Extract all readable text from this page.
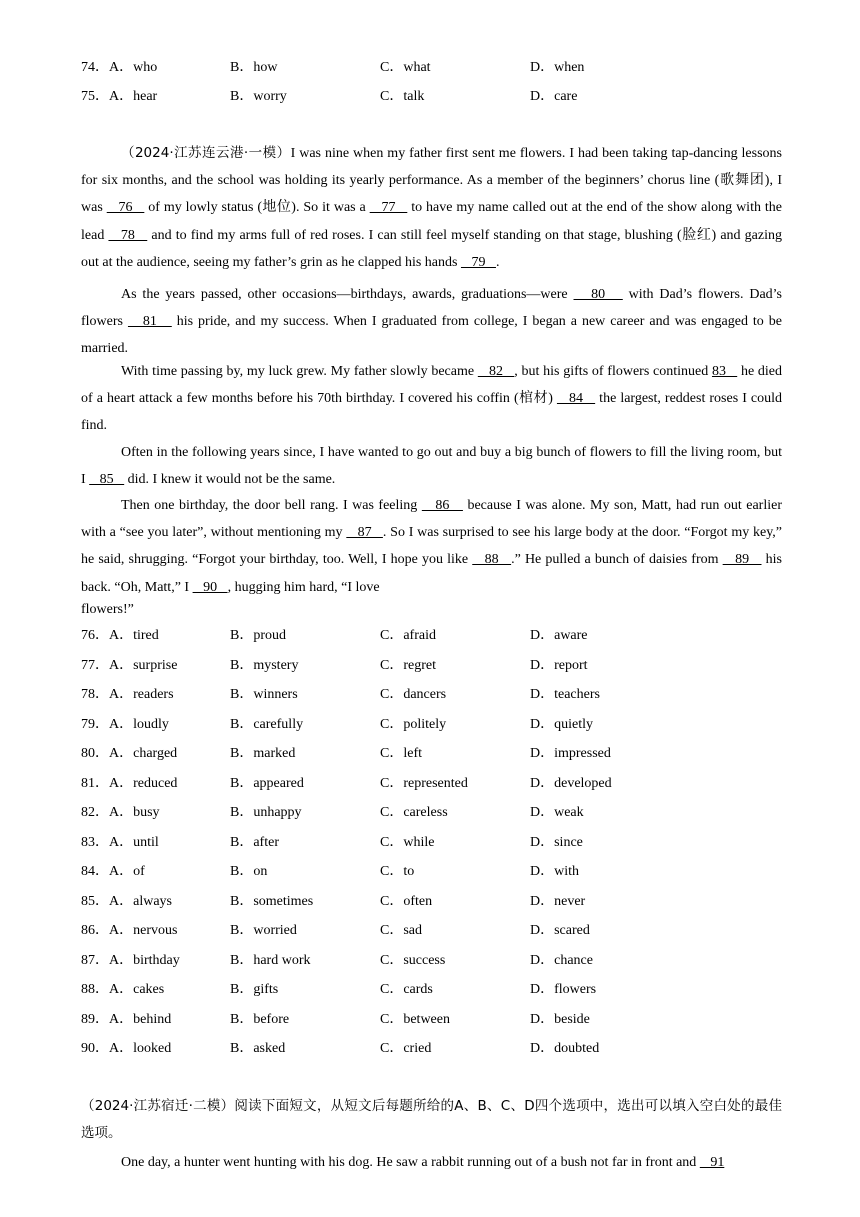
74．A．who	B．how	C．what	D．when
75．A．hear	B．worry	C．talk	D．care

（2024·江苏连云港·一模）I was nine when my father first sent me flowers. I had been taking tap-dancing lessons for six months, and the school was holding its yearly performance. As a member of the beginners’ chorus line (歌舞团), I was    76    of my lowly status (地位). So it was a    77    to have my name called out at the end of the show along with the lead    78    and to find my arms full of red roses. I can still feel myself standing on that stage, blushing (脸红) and gazing out at the audience, seeing my father’s grin as he clapped his hands    79   .

As the years passed, other occasions—birthdays, awards, graduations—were    80    with Dad’s flowers. Dad’s flowers    81    his pride, and my success. When I graduated from college, I began a new career and was engaged to be married.

With time passing by, my luck grew. My father slowly became    82   , but his gifts of flowers continued 83    he died of a heart attack a few months before his 70th birthday. I covered his coffin (棺材)    84    the largest, reddest roses I could find.

Often in the following years since, I have wanted to go out and buy a big bunch of flowers to fill the living room, but I    85    did. I knew it would not be the same.

Then one birthday, the door bell rang. I was feeling    86    because I was alone. My son, Matt, had run out earlier with a “see you later”, without mentioning my    87   . So I was surprised to see his large body at the door. “Forgot my key,” he said, shrugging. “Forgot your birthday, too. Well, I hope you like    88   .” He pulled a bunch of daisies from    89    his back. “Oh, Matt,” I    90   , hugging him hard, “I love

flowers!”

76．A．tired	B．proud	C．afraid	D．aware
77．A．surprise	B．mystery	C．regret	D．report
78．A．readers	B．winners	C．dancers	D．teachers
79．A．loudly	B．carefully	C．politely	D．quietly
80．A．charged	B．marked	C．left	D．impressed
81．A．reduced	B．appeared	C．represented	D．developed
82．A．busy	B．unhappy	C．careless	D．weak
83．A．until	B．after	C．while	D．since
84．A．of	B．on	C．to	D．with
85．A．always	B．sometimes	C．often	D．never
86．A．nervous	B．worried	C．sad	D．scared
87．A．birthday	B．hard work	C．success	D．chance
88．A．cakes	B．gifts	C．cards	D．flowers
89．A．behind	B．before	C．between	D．beside
90．A．looked	B．asked	C．cried	D．doubted

（2024·江苏宿迁·二模）阅读下面短文，从短文后每题所给的A、B、C、D四个选项中，选出可以填入空白处的最佳选项。

One day, a hunter went hunting with his dog. He saw a rabbit running out of a bush not far in front and    91
